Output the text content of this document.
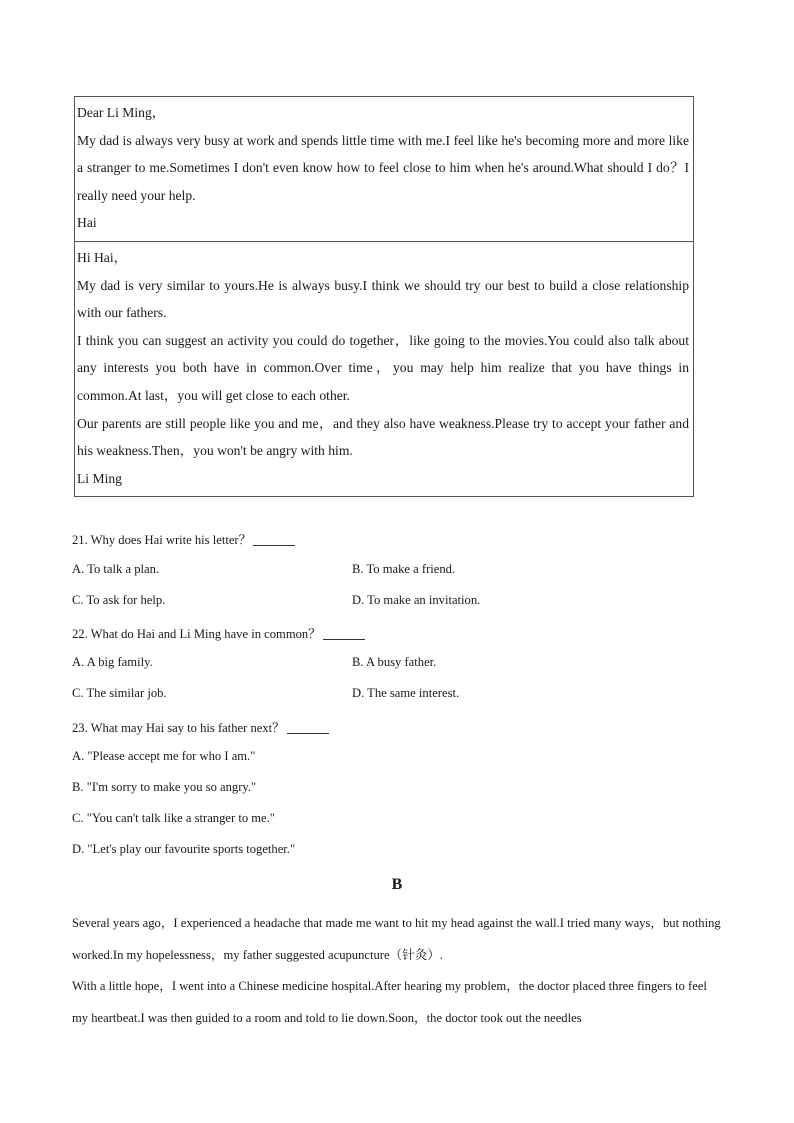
Dear Li Ming，

My dad is always very busy at work and spends little time with me.I feel like he's becoming more and more like a stranger to me.Sometimes I don't even know how to feel close to him when he's around.What should I do？I really need your help.

Hai

Hi Hai，

My dad is very similar to yours.He is always busy.I think we should try our best to build a close relationship with our fathers.

I think you can suggest an activity you could do together，like going to the movies.You could also talk about any interests you both have in common.Over time，you may help him realize that you have things in common.At last，you will get close to each other.

Our parents are still people like you and me，and they also have weakness.Please try to accept your father and his weakness.Then，you won't be angry with him.

Li Ming

21. Why does Hai write his letter？
A. To talk a plan.	B. To make a friend.
C. To ask for help.	D. To make an invitation.
22. What do Hai and Li Ming have in common？
A. A big family.	B. A busy father.
C. The similar job.	D. The same interest.
23. What may Hai say to his father next？
A. "Please accept me for who I am."
B. "I'm sorry to make you so angry."
C. "You can't talk like a stranger to me."
D. "Let's play our favourite sports together."
B

Several years ago，I experienced a headache that made me want to hit my head against the wall.I tried many ways，but nothing worked.In my hopelessness，my father suggested acupuncture（针灸）.

With a little hope，I went into a Chinese medicine hospital.After hearing my problem，the doctor placed three fingers to feel my heartbeat.I was then guided to a room and told to lie down.Soon，the doctor took out the needles
